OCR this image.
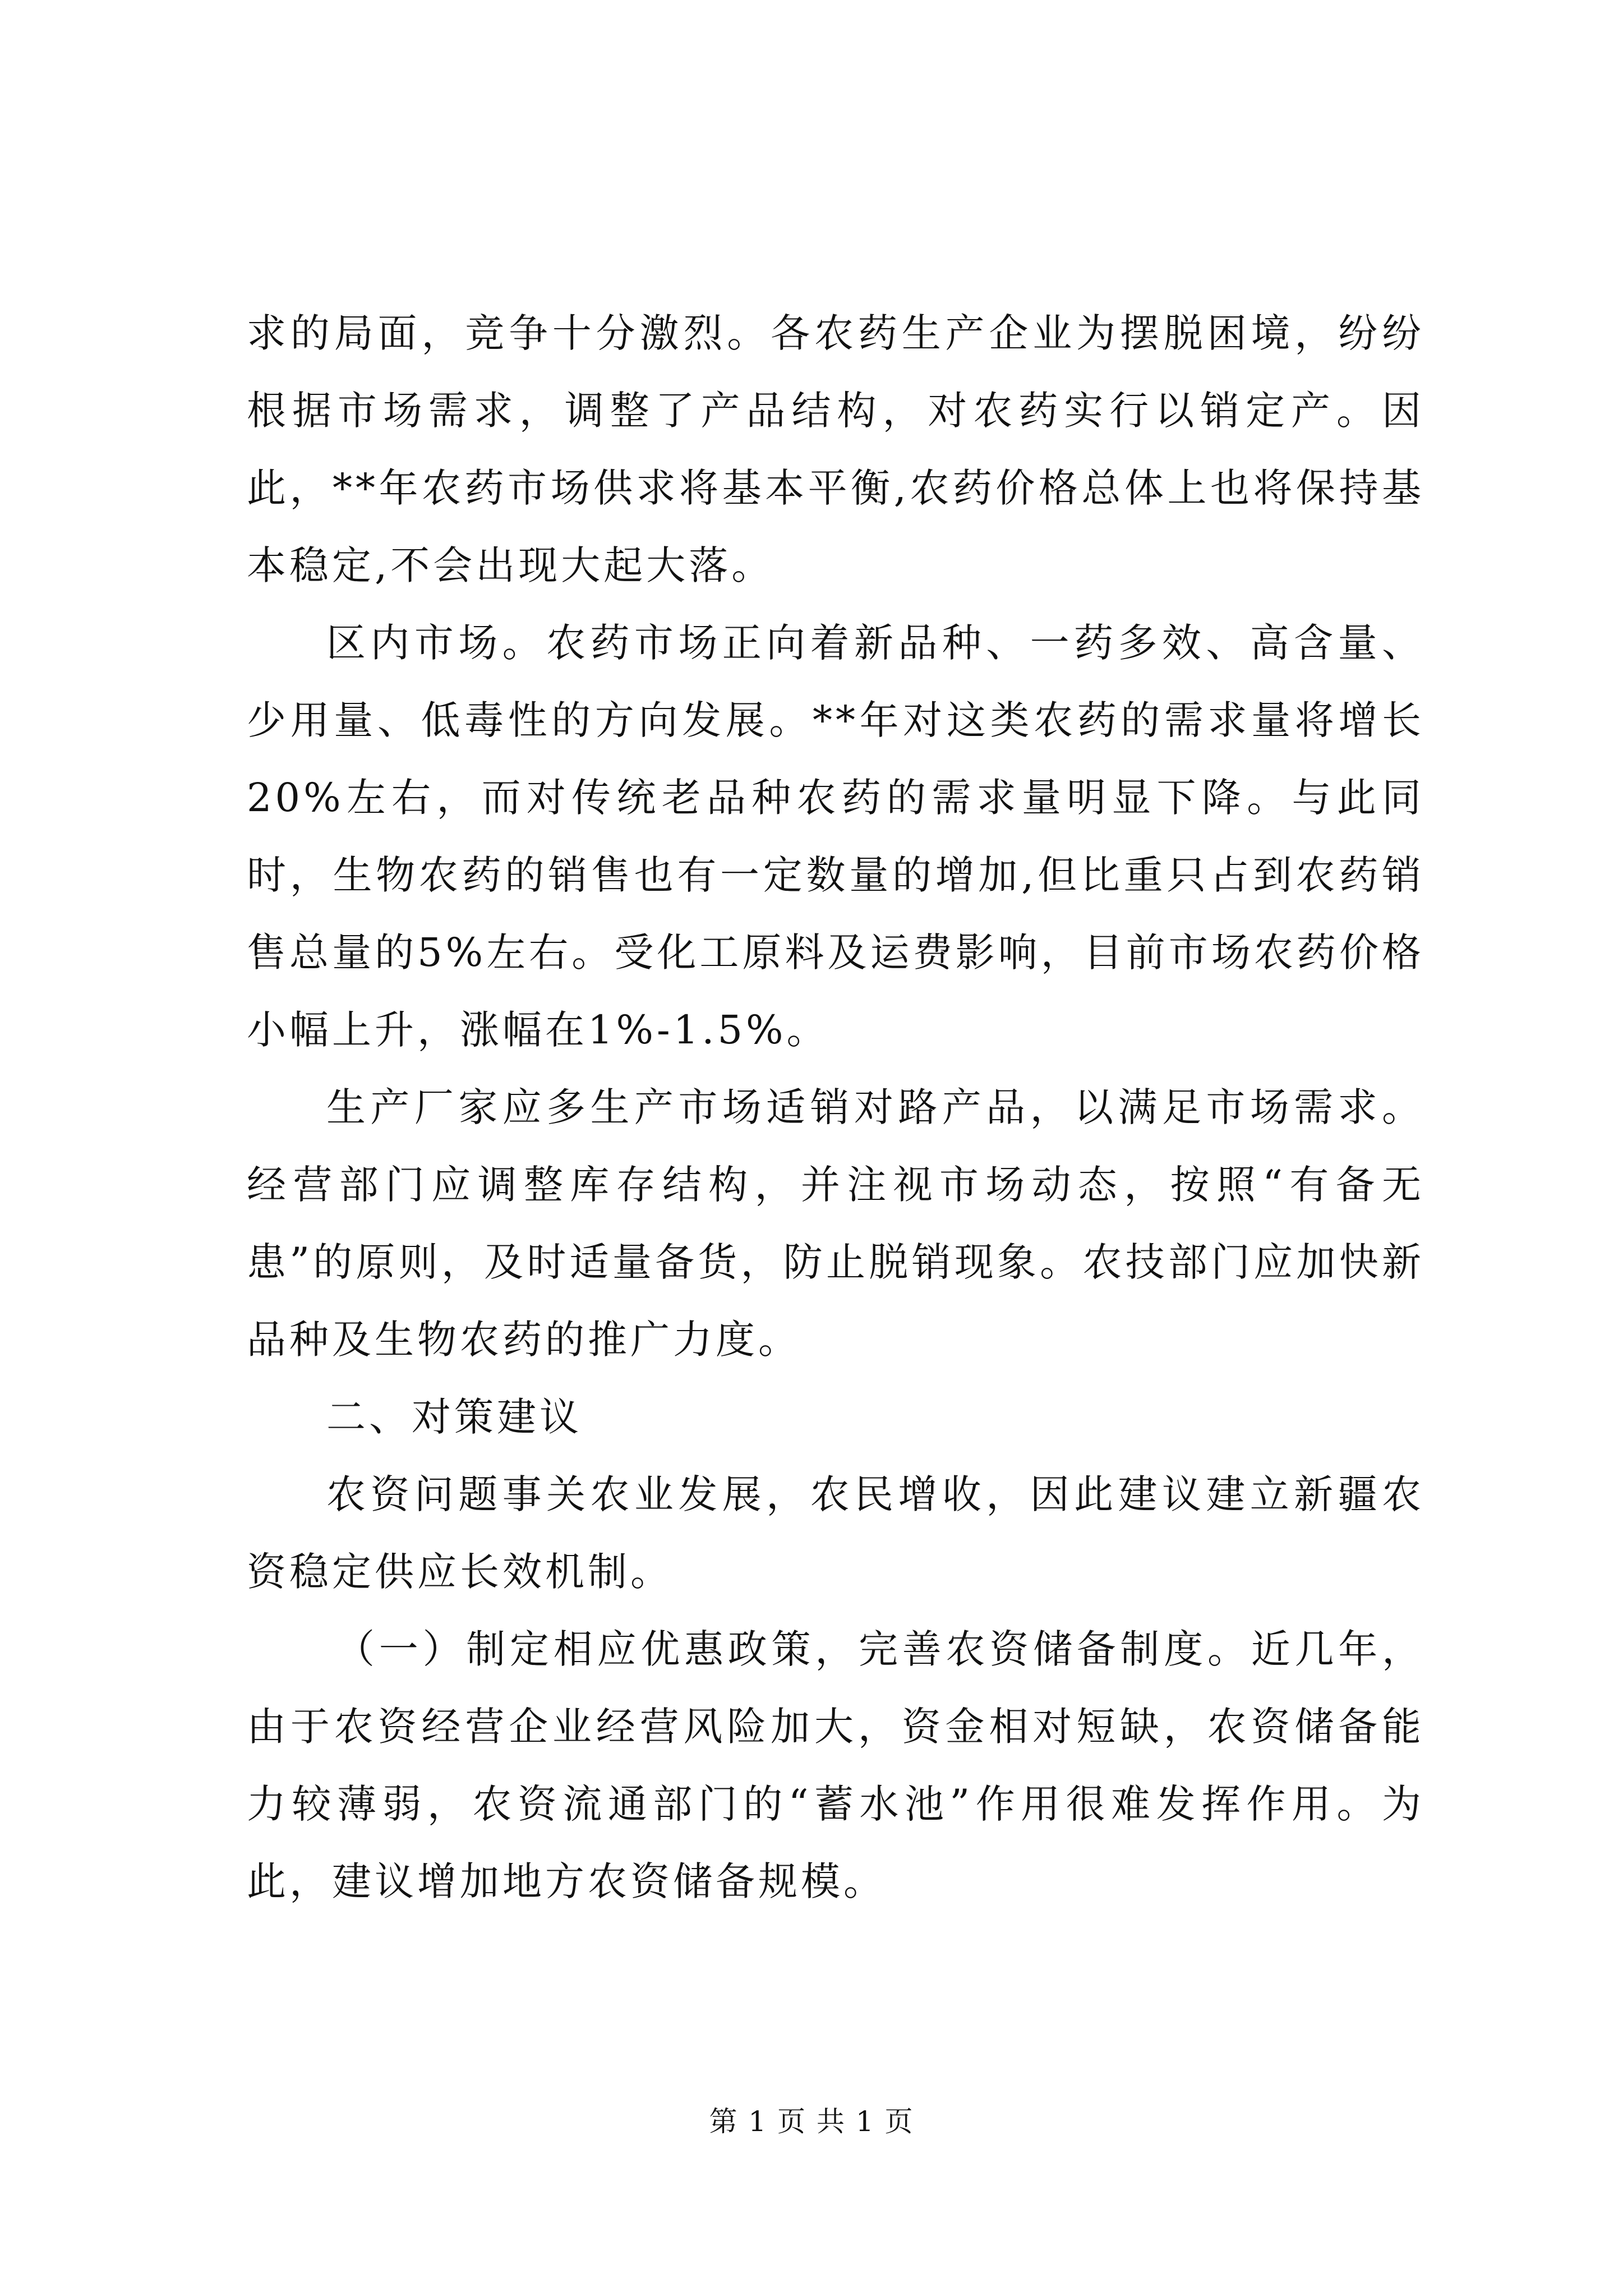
求的局面，竞争十分激烈。各农药生产企业为摆脱困境，纷纷根据市场需求，调整了产品结构，对农药实行以销定产。因此，**年农药市场供求将基本平衡,农药价格总体上也将保持基本稳定,不会出现大起大落。

区内市场。农药市场正向着新品种、一药多效、高含量、少用量、低毒性的方向发展。**年对这类农药的需求量将增长20%左右，而对传统老品种农药的需求量明显下降。与此同时，生物农药的销售也有一定数量的增加,但比重只占到农药销售总量的5%左右。受化工原料及运费影响，目前市场农药价格小幅上升，涨幅在1%-1.5%。

生产厂家应多生产市场适销对路产品，以满足市场需求。经营部门应调整库存结构，并注视市场动态，按照“有备无患”的原则，及时适量备货，防止脱销现象。农技部门应加快新品种及生物农药的推广力度。

二、对策建议

农资问题事关农业发展，农民增收，因此建议建立新疆农资稳定供应长效机制。

（一）制定相应优惠政策，完善农资储备制度。近几年，由于农资经营企业经营风险加大，资金相对短缺，农资储备能力较薄弱，农资流通部门的“蓄水池”作用很难发挥作用。为此，建议增加地方农资储备规模。

第 1 页 共 1 页
